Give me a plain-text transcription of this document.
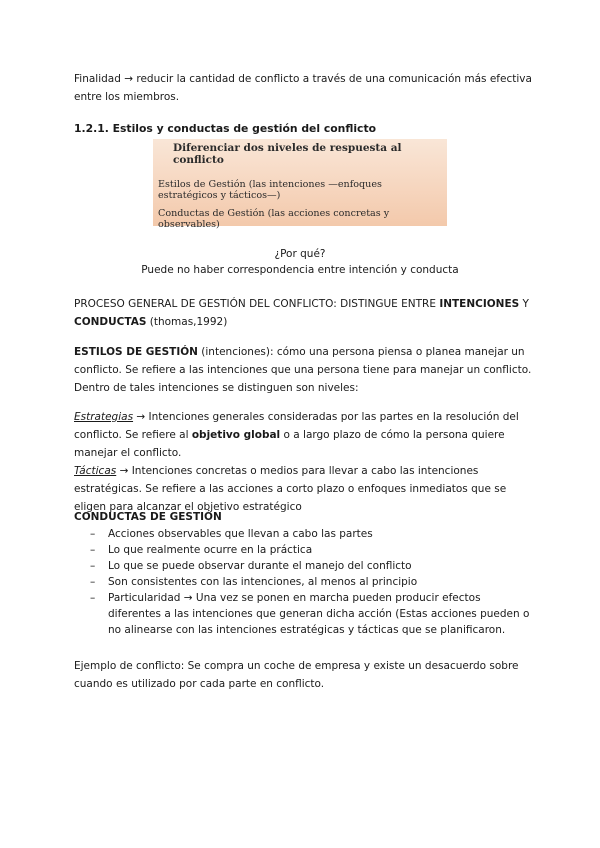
Finalidad → reducir la cantidad de conflicto a través de una comunicación más efectiva entre los miembros.
1.2.1. Estilos y conductas de gestión del conflicto
Diferenciar dos niveles de respuesta al conflicto
Estilos de Gestión (las intenciones —enfoques estratégicos y tácticos—)
Conductas de Gestión (las acciones concretas y observables)
¿Por qué?
Puede no haber correspondencia entre intención y conducta
PROCESO GENERAL DE GESTIÓN DEL CONFLICTO: DISTINGUE ENTRE INTENCIONES Y CONDUCTAS (thomas,1992)
ESTILOS DE GESTIÓN (intenciones): cómo una persona piensa o planea manejar un conflicto. Se refiere a las intenciones que una persona tiene para manejar un conflicto. Dentro de tales intenciones se distinguen son niveles:
Estrategias → Intenciones generales consideradas por las partes en la resolución del conflicto. Se refiere al objetivo global o a largo plazo de cómo la persona quiere manejar el conflicto.
Tácticas → Intenciones concretas o medios para llevar a cabo las intenciones estratégicas. Se refiere a las acciones a corto plazo o enfoques inmediatos que se eligen para alcanzar el objetivo estratégico
CONDUCTAS DE GESTIÓN
– Acciones observables que llevan a cabo las partes
– Lo que realmente ocurre en la práctica
– Lo que se puede observar durante el manejo del conflicto
– Son consistentes con las intenciones, al menos al principio
– Particularidad → Una vez se ponen en marcha pueden producir efectos diferentes a las intenciones que generan dicha acción (Estas acciones pueden o no alinearse con las intenciones estratégicas y tácticas que se planificaron.
Ejemplo de conflicto: Se compra un coche de empresa y existe un desacuerdo sobre cuando es utilizado por cada parte en conflicto.
